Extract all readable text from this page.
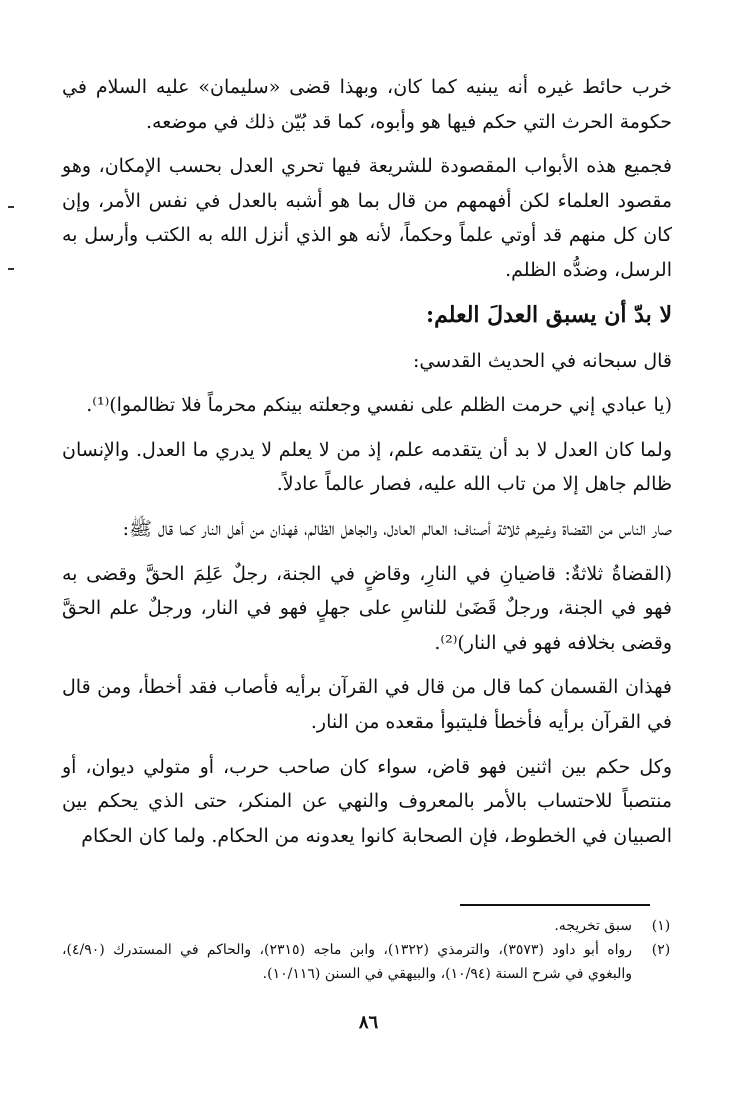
خرب حائط غيره أنه يبنيه كما كان، وبهذا قضى «سليمان» عليه السلام في حكومة الحرث التي حكم فيها هو وأبوه، كما قد بُيّن ذلك في موضعه.

فجميع هذه الأبواب المقصودة للشريعة فيها تحري العدل بحسب الإمكان، وهو مقصود العلماء لكن أفهمهم من قال بما هو أشبه بالعدل في نفس الأمر، وإن كان كل منهم قد أوتي علماً وحكماً، لأنه هو الذي أنزل الله به الكتب وأرسل به الرسل، وضدُّه الظلم.

لا بدّ أن يسبق العدلَ العلم:

قال سبحانه في الحديث القدسي:

(يا عبادي إني حرمت الظلم على نفسي وجعلته بينكم محرماً فلا تظالموا)⁽¹⁾.

ولما كان العدل لا بد أن يتقدمه علم، إذ من لا يعلم لا يدري ما العدل. والإنسان ظالم جاهل إلا من تاب الله عليه، فصار عالماً عادلاً.

صار الناس من القضاة وغيرهم ثلاثة أصناف؛ العالم العادل، والجاهل الظالم، فهذان من أهل النار كما قال ﷺ:

(القضاةُ ثلاثةٌ: قاضيانِ في النارِ، وقاضٍ في الجنة، رجلٌ عَلِمَ الحقَّ وقضى به فهو في الجنة، ورجلٌ قَضَىٰ للناسِ على جهلٍ فهو في النار، ورجلٌ علم الحقَّ وقضى بخلافه فهو في النار)⁽²⁾.

فهذان القسمان كما قال من قال في القرآن برأيه فأصاب فقد أخطأ، ومن قال في القرآن برأيه فأخطأ فليتبوأ مقعده من النار.

وكل حكم بين اثنين فهو قاض، سواء كان صاحب حرب، أو متولي ديوان، أو منتصباً للاحتساب بالأمر بالمعروف والنهي عن المنكر، حتى الذي يحكم بين الصبيان في الخطوط، فإن الصحابة كانوا يعدونه من الحكام. ولما كان الحكام

(١)
سبق تخريجه.
(٢)
رواه أبو داود (٣٥٧٣)، والترمذي (١٣٢٢)، وابن ماجه (٢٣١٥)، والحاكم في المستدرك (٤/٩٠)، والبغوي في شرح السنة (١٠/٩٤)، والبيهقي في السنن (١٠/١١٦).
٨٦
